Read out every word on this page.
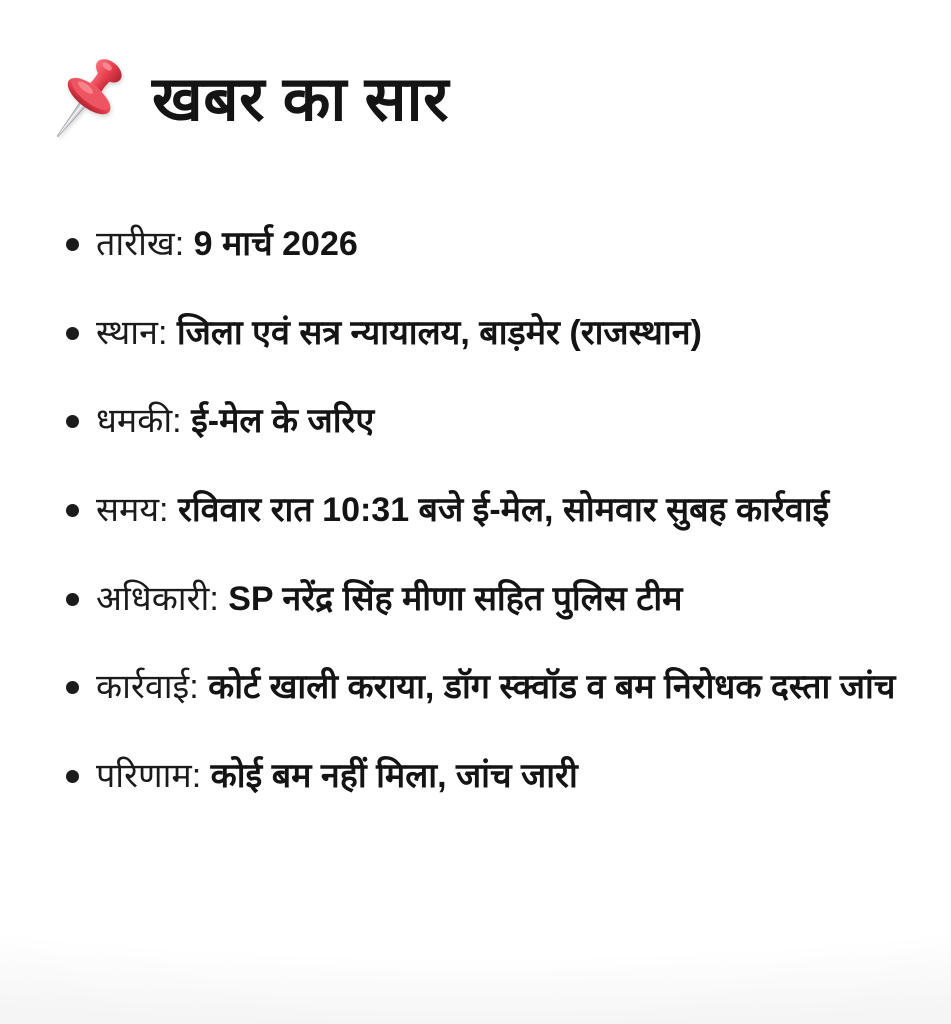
खबर का सार
तारीख: 9 मार्च 2026
स्थान: जिला एवं सत्र न्यायालय, बाड़मेर (राजस्थान)
धमकी: ई-मेल के जरिए
समय: रविवार रात 10:31 बजे ई-मेल, सोमवार सुबह कार्रवाई
अधिकारी: SP नरेंद्र सिंह मीणा सहित पुलिस टीम
कार्रवाई: कोर्ट खाली कराया, डॉग स्क्वॉड व बम निरोधक दस्ता जांच
परिणाम: कोई बम नहीं मिला, जांच जारी
